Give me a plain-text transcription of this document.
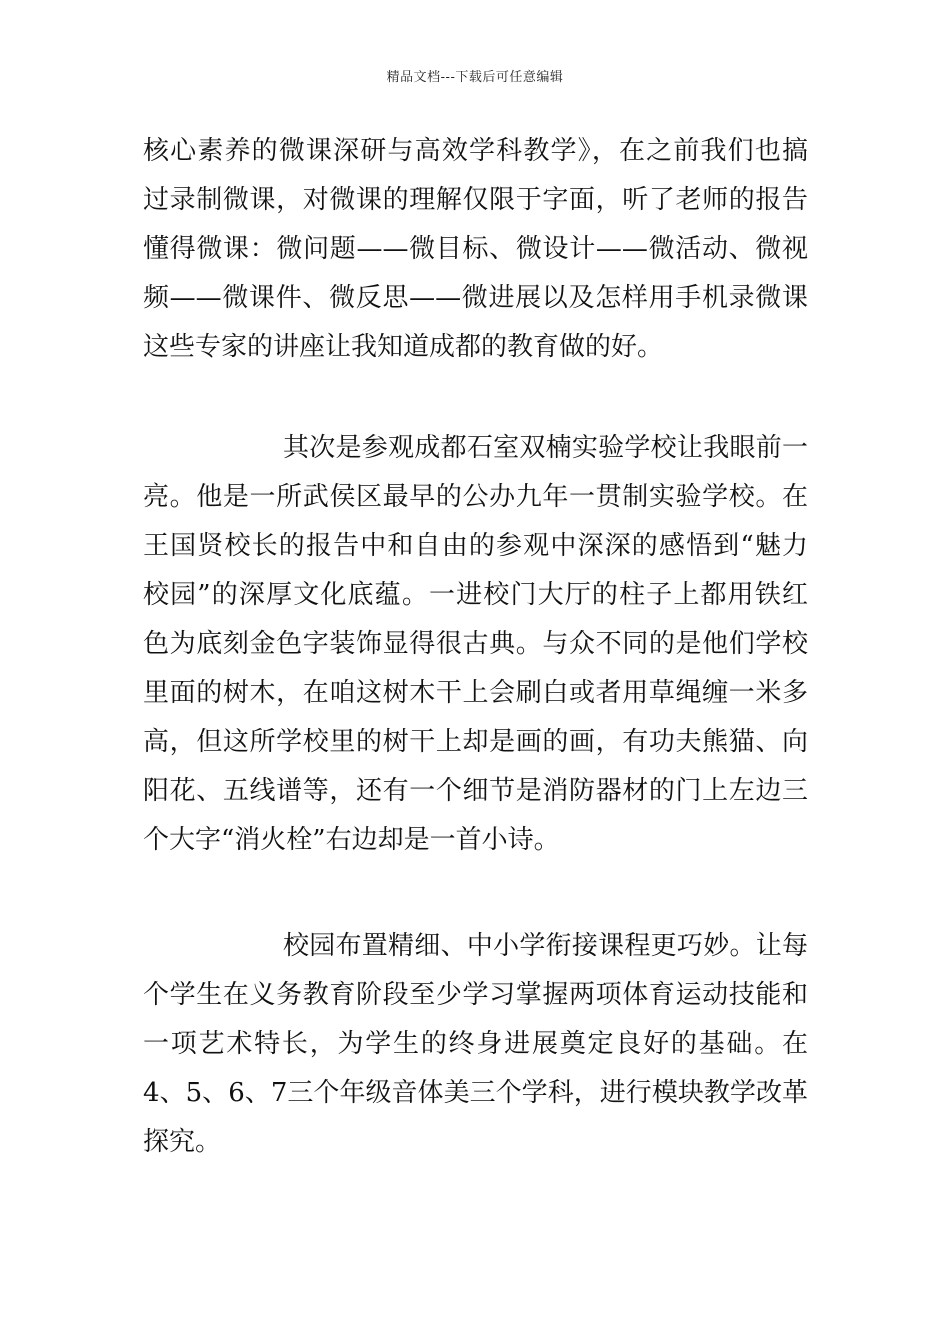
精品文档---下载后可任意编辑
核心素养的微课深研与高效学科教学》，在之前我们也搞
过录制微课，对微课的理解仅限于字面，听了老师的报告
懂得微课：微问题——微目标、微设计——微活动、微视
频——微课件、微反思——微进展以及怎样用手机录微课
这些专家的讲座让我知道成都的教育做的好。
其次是参观成都石室双楠实验学校让我眼前一
亮。他是一所武侯区最早的公办九年一贯制实验学校。在
王国贤校长的报告中和自由的参观中深深的感悟到“魅力
校园”的深厚文化底蕴。一进校门大厅的柱子上都用铁红
色为底刻金色字装饰显得很古典。与众不同的是他们学校
里面的树木，在咱这树木干上会刷白或者用草绳缠一米多
高，但这所学校里的树干上却是画的画，有功夫熊猫、向
阳花、五线谱等，还有一个细节是消防器材的门上左边三
个大字“消火栓”右边却是一首小诗。
校园布置精细、中小学衔接课程更巧妙。让每
个学生在义务教育阶段至少学习掌握两项体育运动技能和
一项艺术特长，为学生的终身进展奠定良好的基础。在
4、5、6、7三个年级音体美三个学科，进行模块教学改革
探究。
